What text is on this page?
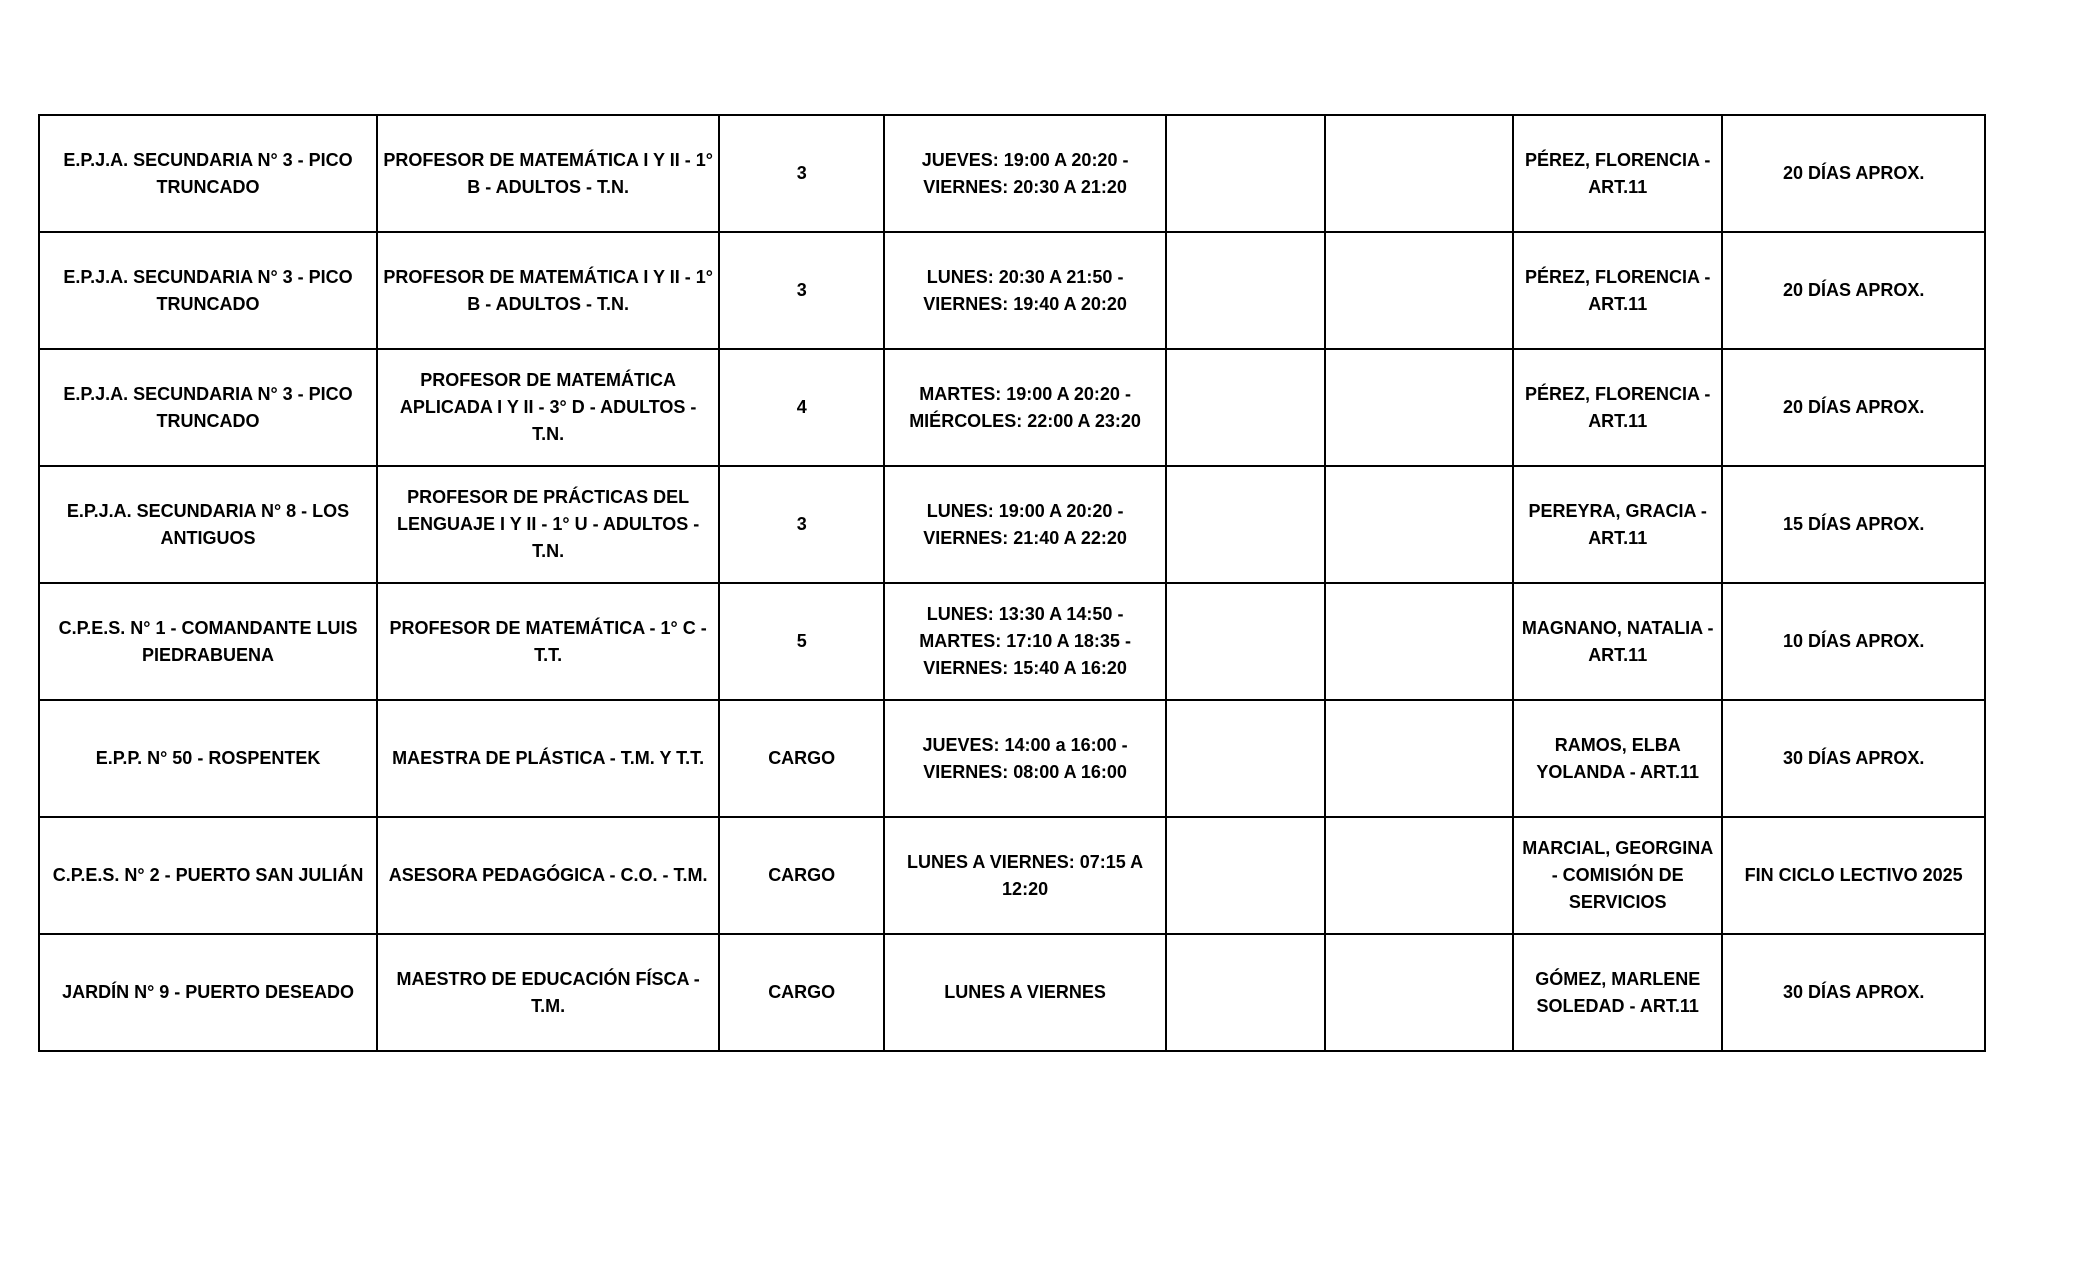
E.P.J.A. SECUNDARIA N° 3 - PICO TRUNCADO	PROFESOR DE MATEMÁTICA I Y II - 1° B - ADULTOS - T.N.	3	JUEVES: 19:00 A 20:20 - VIERNES: 20:30 A 21:20			PÉREZ, FLORENCIA - ART.11	20 DÍAS APROX.
E.P.J.A. SECUNDARIA N° 3 - PICO TRUNCADO	PROFESOR DE MATEMÁTICA I Y II - 1° B - ADULTOS - T.N.	3	LUNES: 20:30 A 21:50 - VIERNES: 19:40 A 20:20			PÉREZ, FLORENCIA - ART.11	20 DÍAS APROX.
E.P.J.A. SECUNDARIA N° 3 - PICO TRUNCADO	PROFESOR DE MATEMÁTICA APLICADA I Y II - 3° D - ADULTOS - T.N.	4	MARTES: 19:00 A 20:20 - MIÉRCOLES: 22:00 A 23:20			PÉREZ, FLORENCIA - ART.11	20 DÍAS APROX.
E.P.J.A. SECUNDARIA N° 8 - LOS ANTIGUOS	PROFESOR DE PRÁCTICAS DEL LENGUAJE I Y II - 1° U - ADULTOS - T.N.	3	LUNES: 19:00 A 20:20 - VIERNES: 21:40 A 22:20			PEREYRA, GRACIA - ART.11	15 DÍAS APROX.
C.P.E.S. N° 1 - COMANDANTE LUIS PIEDRABUENA	PROFESOR DE MATEMÁTICA - 1° C - T.T.	5	LUNES: 13:30 A 14:50 - MARTES: 17:10 A 18:35 - VIERNES: 15:40 A 16:20			MAGNANO, NATALIA - ART.11	10 DÍAS APROX.
E.P.P. N° 50 - ROSPENTEK	MAESTRA DE PLÁSTICA - T.M. Y T.T.	CARGO	JUEVES: 14:00 a 16:00 - VIERNES: 08:00 A 16:00			RAMOS, ELBA YOLANDA - ART.11	30 DÍAS APROX.
C.P.E.S. N° 2 - PUERTO SAN JULIÁN	ASESORA PEDAGÓGICA - C.O. - T.M.	CARGO	LUNES A VIERNES: 07:15 A 12:20			MARCIAL, GEORGINA - COMISIÓN DE SERVICIOS	FIN CICLO LECTIVO 2025
JARDÍN N° 9 - PUERTO DESEADO	MAESTRO DE EDUCACIÓN FÍSCA - T.M.	CARGO	LUNES A VIERNES			GÓMEZ, MARLENE SOLEDAD - ART.11	30 DÍAS APROX.
